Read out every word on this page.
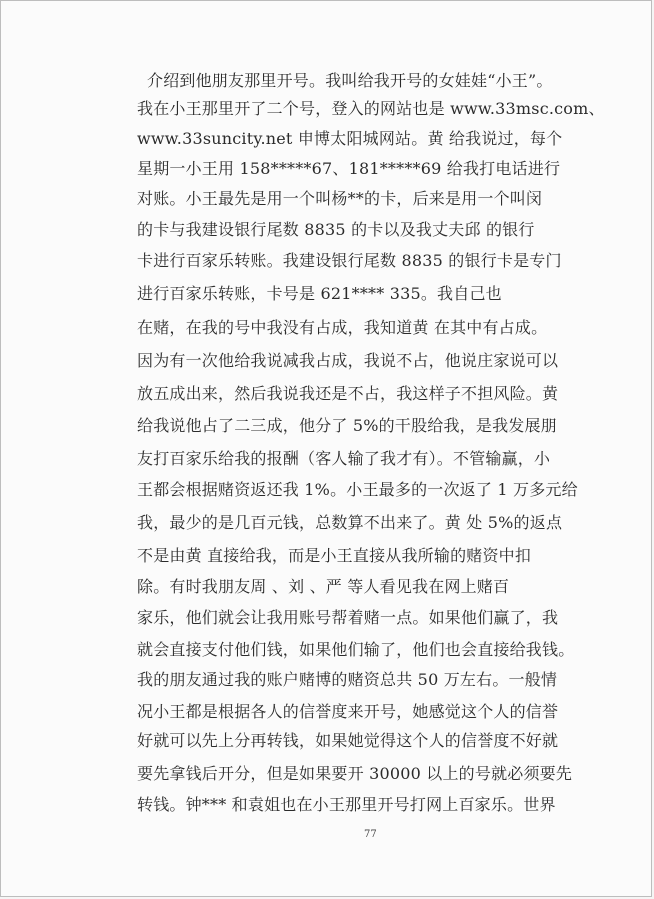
介绍到他朋友那里开号。我叫给我开号的女娃娃“小王”。
我在小王那里开了二个号，登入的网站也是 www.33msc.com、
www.33suncity.net 申博太阳城网站。黄 给我说过，每个
星期一小王用 158*****67、181*****69 给我打电话进行
对账。小王最先是用一个叫杨**的卡，后来是用一个叫闵
的卡与我建设银行尾数 8835 的卡以及我丈夫邱 的银行
卡进行百家乐转账。我建设银行尾数 8835 的银行卡是专门
进行百家乐转账，卡号是 621**** 335。我自己也
在赌，在我的号中我没有占成，我知道黄 在其中有占成。
因为有一次他给我说减我占成，我说不占，他说庄家说可以
放五成出来，然后我说我还是不占，我这样子不担风险。黄
给我说他占了二三成，他分了 5%的干股给我，是我发展朋
友打百家乐给我的报酬（客人输了我才有）。不管输赢，小
王都会根据赌资返还我 1%。小王最多的一次返了 1 万多元给
我，最少的是几百元钱，总数算不出来了。黄 处 5%的返点
不是由黄 直接给我，而是小王直接从我所输的赌资中扣
除。有时我朋友周 、刘 、严 等人看见我在网上赌百
家乐，他们就会让我用账号帮着赌一点。如果他们赢了，我
就会直接支付他们钱，如果他们输了，他们也会直接给我钱。
我的朋友通过我的账户赌博的赌资总共 50 万左右。一般情
况小王都是根据各人的信誉度来开号，她感觉这个人的信誉
好就可以先上分再转钱，如果她觉得这个人的信誉度不好就
要先拿钱后开分，但是如果要开 30000 以上的号就必须要先
转钱。钟*** 和袁姐也在小王那里开号打网上百家乐。世界
77
